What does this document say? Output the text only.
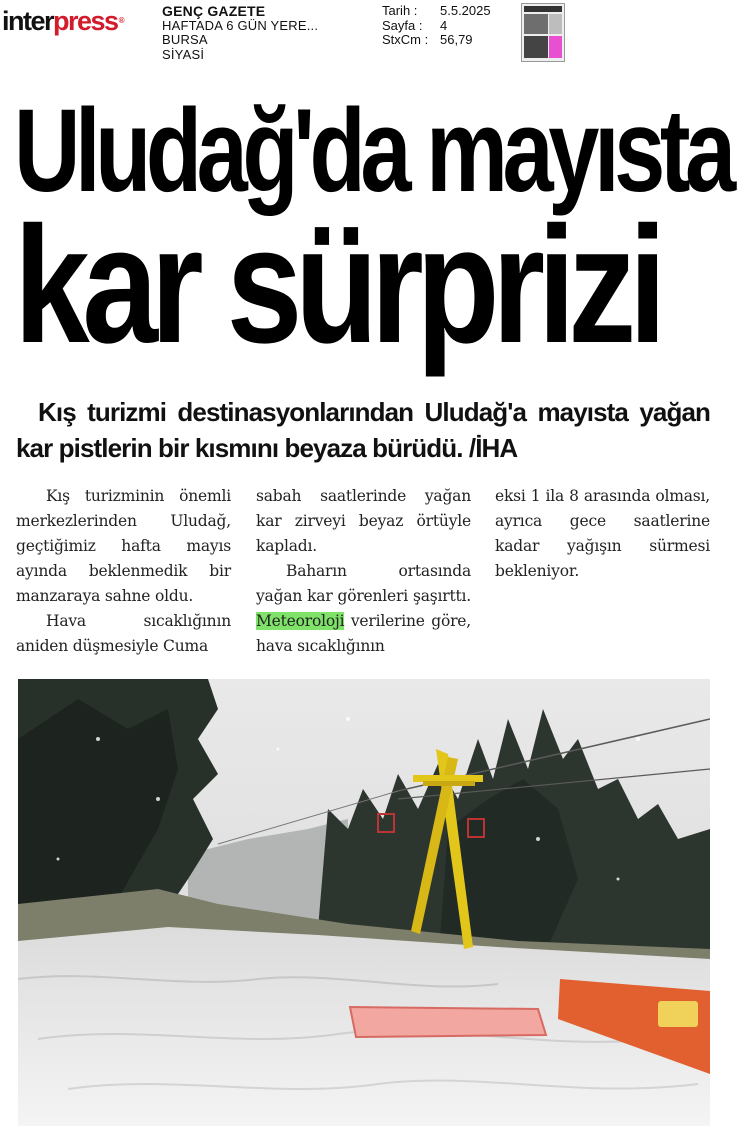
interpress®
GENÇ GAZETE
HAFTADA 6 GÜN YERE...
BURSA
SİYASİ
Tarih :	5.5.2025
Sayfa :	4
StxCm : 56,79
Uludağ'da mayısta
kar sürprizi
Kış turizmi destinasyonlarından Uludağ'a mayısta yağan kar pistlerin bir kısmını beyaza bürüdü. /İHA

Kış turizminin önemli merkezlerinden Uludağ, geçtiğimiz hafta mayıs ayında beklenmedik bir manzaraya sahne oldu.

Hava sıcaklığının aniden düşmesiyle Cuma

sabah saatlerinde yağan kar zirveyi beyaz örtüyle kapladı.

Baharın ortasında yağan kar görenleri şaşırttı. Meteoroloji verilerine göre, hava sıcaklığının

eksi 1 ila 8 arasında olması, ayrıca gece saatlerine kadar yağışın sürmesi bekleniyor.
